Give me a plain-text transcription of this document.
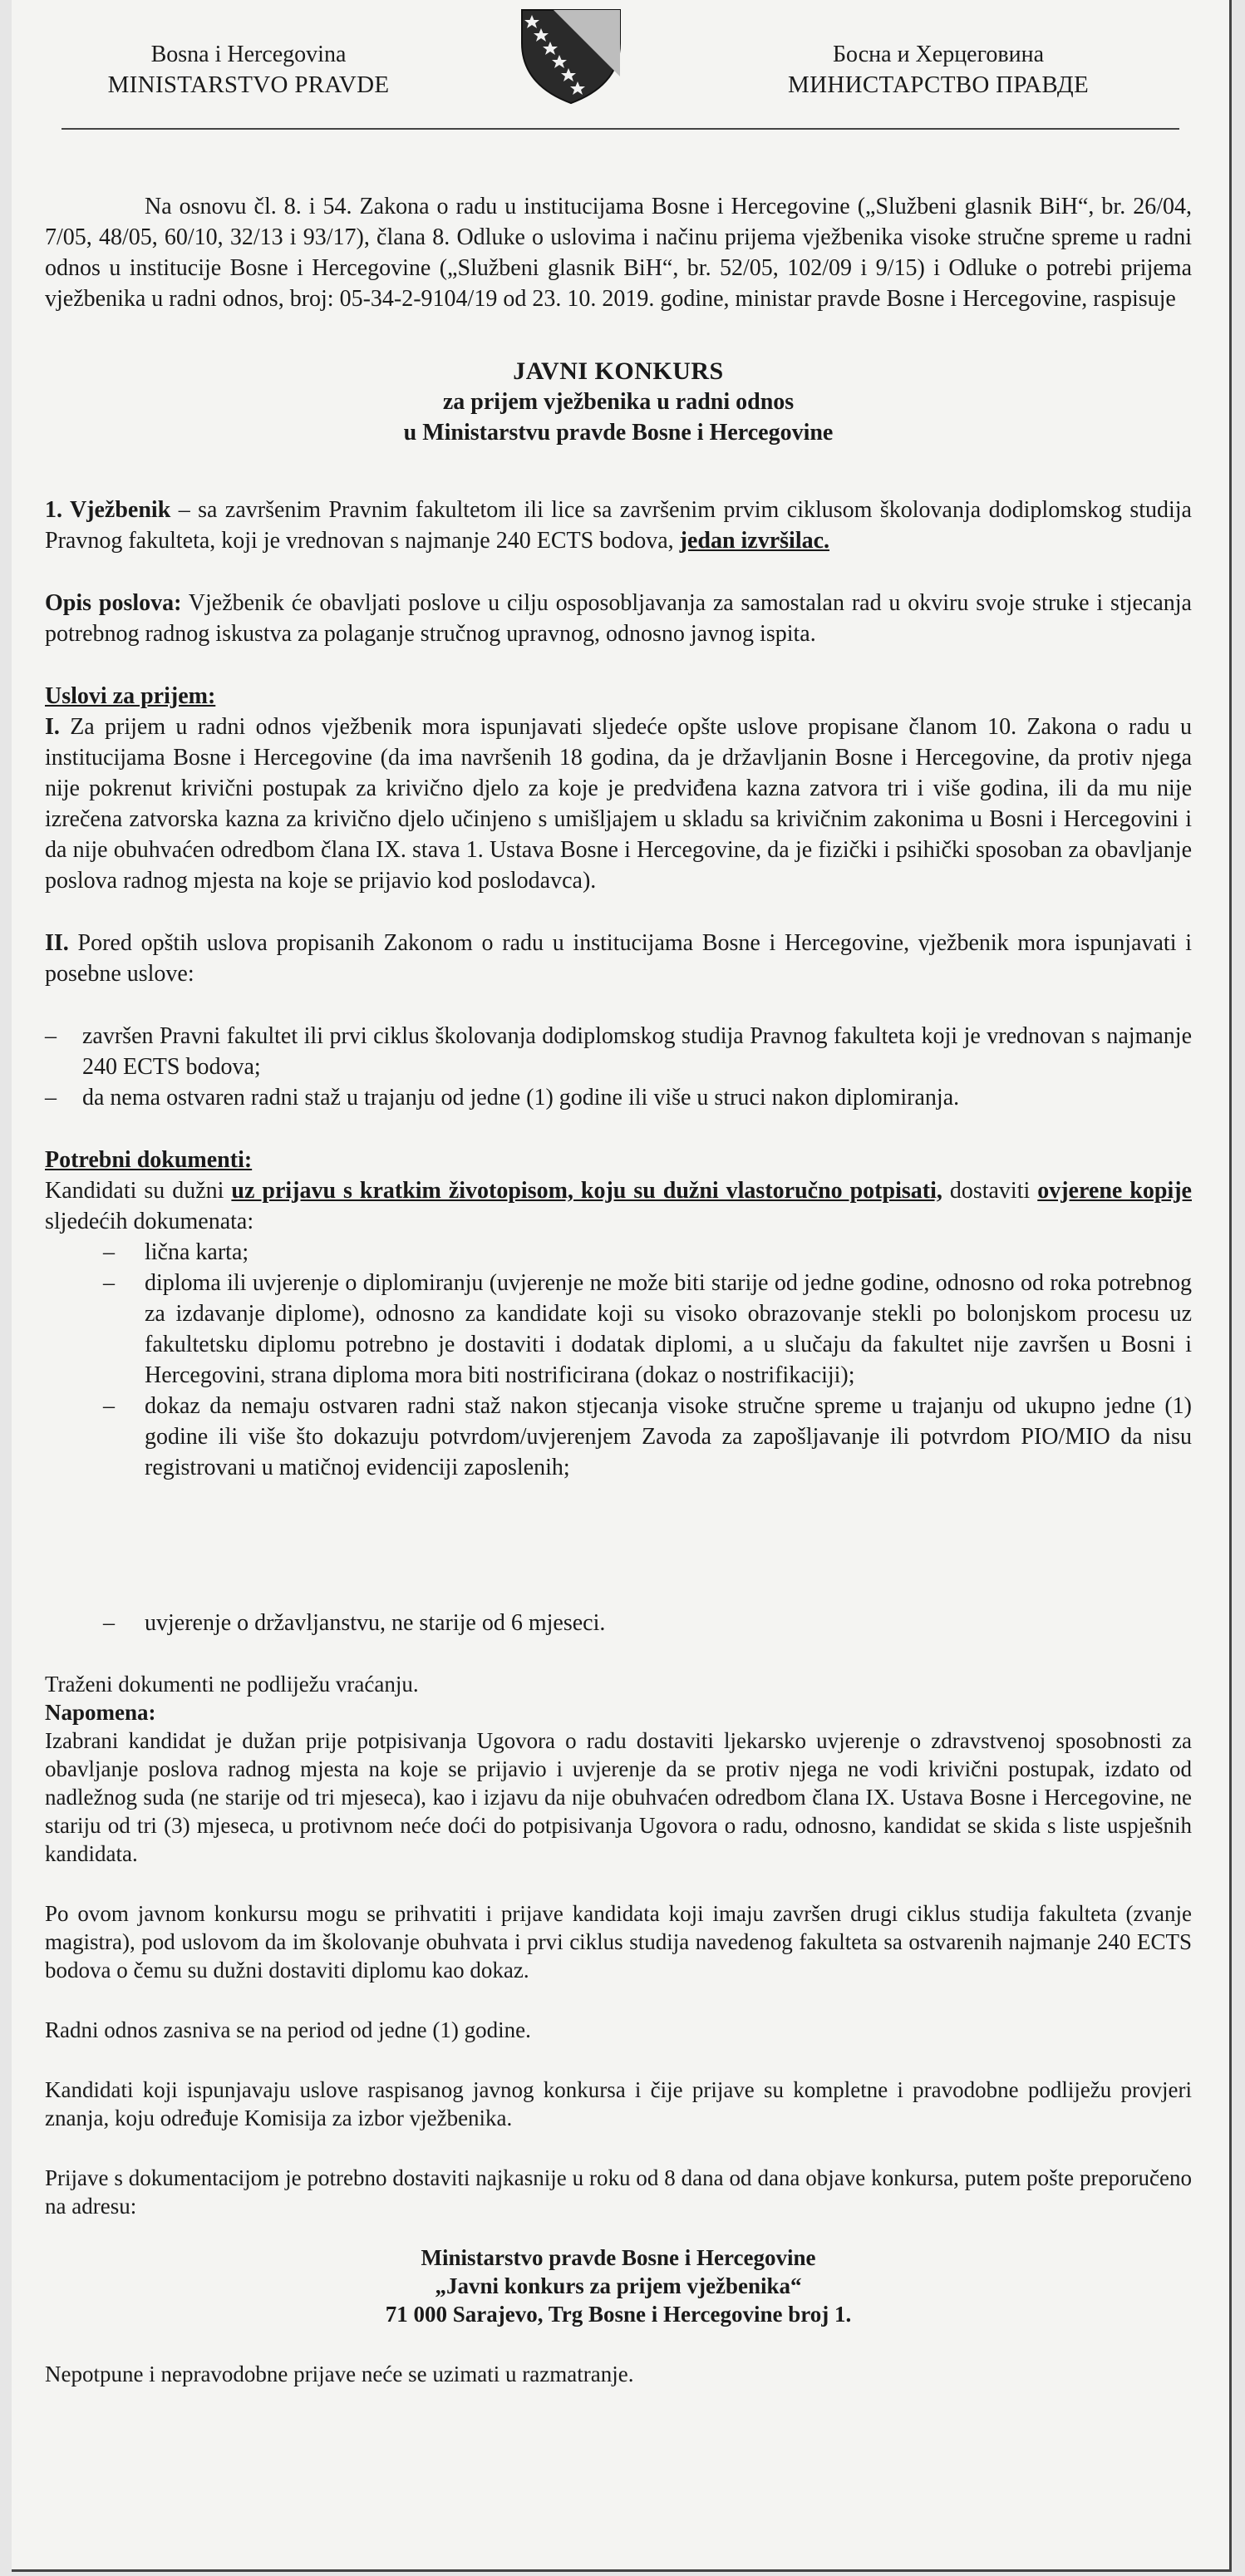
Bosna i Hercegovina
MINISTARSTVO PRAVDE
Босна и Херцеговина
МИНИСТАРСТВО ПРАВДЕ

Na osnovu čl. 8. i 54. Zakona o radu u institucijama Bosne i Hercegovine („Službeni glasnik BiH“, br. 26/04, 7/05, 48/05, 60/10, 32/13 i 93/17), člana 8. Odluke o uslovima i načinu prijema vježbenika visoke stručne spreme u radni odnos u institucije Bosne i Hercegovine („Službeni glasnik BiH“, br. 52/05, 102/09 i 9/15) i Odluke o potrebi prijema vježbenika u radni odnos, broj: 05-34-2-9104/19 od 23. 10. 2019. godine, ministar pravde Bosne i Hercegovine, raspisuje

JAVNI KONKURS
za prijem vježbenika u radni odnos
u Ministarstvu pravde Bosne i Hercegovine

1. Vježbenik – sa završenim Pravnim fakultetom ili lice sa završenim prvim ciklusom školovanja dodiplomskog studija Pravnog fakulteta, koji je vrednovan s najmanje 240 ECTS bodova, jedan izvršilac.

Opis poslova: Vježbenik će obavljati poslove u cilju osposobljavanja za samostalan rad u okviru svoje struke i stjecanja potrebnog radnog iskustva za polaganje stručnog upravnog, odnosno javnog ispita.

Uslovi za prijem:

I. Za prijem u radni odnos vježbenik mora ispunjavati sljedeće opšte uslove propisane članom 10. Zakona o radu u institucijama Bosne i Hercegovine (da ima navršenih 18 godina, da je državljanin Bosne i Hercegovine, da protiv njega nije pokrenut krivični postupak za krivično djelo za koje je predviđena kazna zatvora tri i više godina, ili da mu nije izrečena zatvorska kazna za krivično djelo učinjeno s umišljajem u skladu sa krivičnim zakonima u Bosni i Hercegovini i da nije obuhvaćen odredbom člana IX. stava 1. Ustava Bosne i Hercegovine, da je fizički i psihički sposoban za obavljanje poslova radnog mjesta na koje se prijavio kod poslodavca).

II. Pored opštih uslova propisanih Zakonom o radu u institucijama Bosne i Hercegovine, vježbenik mora ispunjavati i posebne uslove:

– završen Pravni fakultet ili prvi ciklus školovanja dodiplomskog studija Pravnog fakulteta koji je vrednovan s najmanje 240 ECTS bodova;
– da nema ostvaren radni staž u trajanju od jedne (1) godine ili više u struci nakon diplomiranja.

Potrebni dokumenti:

Kandidati su dužni uz prijavu s kratkim životopisom, koju su dužni vlastoručno potpisati, dostaviti ovjerene kopije sljedećih dokumenata:

– lična karta;
– diploma ili uvjerenje o diplomiranju (uvjerenje ne može biti starije od jedne godine, odnosno od roka potrebnog za izdavanje diplome), odnosno za kandidate koji su visoko obrazovanje stekli po bolonjskom procesu uz fakultetsku diplomu potrebno je dostaviti i dodatak diplomi, a u slučaju da fakultet nije završen u Bosni i Hercegovini, strana diploma mora biti nostrificirana (dokaz o nostrifikaciji);
– dokaz da nemaju ostvaren radni staž nakon stjecanja visoke stručne spreme u trajanju od ukupno jedne (1) godine ili više što dokazuju potvrdom/uvjerenjem Zavoda za zapošljavanje ili potvrdom PIO/MIO da nisu registrovani u matičnoj evidenciji zaposlenih;
– uvjerenje o državljanstvu, ne starije od 6 mjeseci.

Traženi dokumenti ne podliježu vraćanju.

Napomena:

Izabrani kandidat je dužan prije potpisivanja Ugovora o radu dostaviti ljekarsko uvjerenje o zdravstvenoj sposobnosti za obavljanje poslova radnog mjesta na koje se prijavio i uvjerenje da se protiv njega ne vodi krivični postupak, izdato od nadležnog suda (ne starije od tri mjeseca), kao i izjavu da nije obuhvaćen odredbom člana IX. Ustava Bosne i Hercegovine, ne stariju od tri (3) mjeseca, u protivnom neće doći do potpisivanja Ugovora o radu, odnosno, kandidat se skida s liste uspješnih kandidata.

Po ovom javnom konkursu mogu se prihvatiti i prijave kandidata koji imaju završen drugi ciklus studija fakulteta (zvanje magistra), pod uslovom da im školovanje obuhvata i prvi ciklus studija navedenog fakulteta sa ostvarenih najmanje 240 ECTS bodova o čemu su dužni dostaviti diplomu kao dokaz.

Radni odnos zasniva se na period od jedne (1) godine.

Kandidati koji ispunjavaju uslove raspisanog javnog konkursa i čije prijave su kompletne i pravodobne podliježu provjeri znanja, koju određuje Komisija za izbor vježbenika.

Prijave s dokumentacijom je potrebno dostaviti najkasnije u roku od 8 dana od dana objave konkursa, putem pošte preporučeno na adresu:

Ministarstvo pravde Bosne i Hercegovine
„Javni konkurs za prijem vježbenika“
71 000 Sarajevo, Trg Bosne i Hercegovine broj 1.

Nepotpune i nepravodobne prijave neće se uzimati u razmatranje.
